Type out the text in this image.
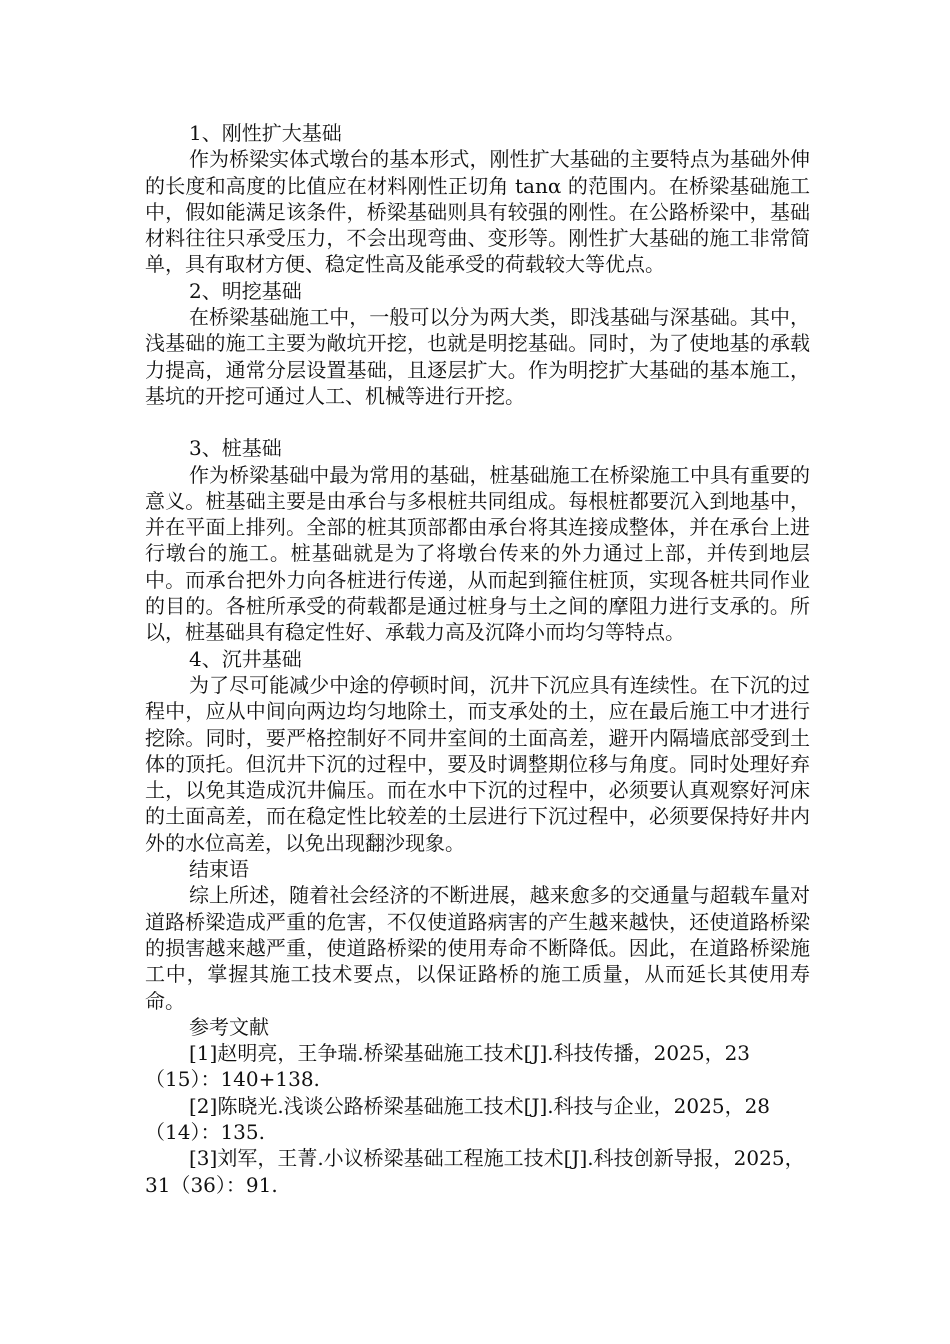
1、刚性扩大基础

作为桥梁实体式墩台的基本形式，刚性扩大基础的主要特点为基础外伸的长度和高度的比值应在材料刚性正切角 tanα 的范围内。在桥梁基础施工中，假如能满足该条件，桥梁基础则具有较强的刚性。在公路桥梁中，基础材料往往只承受压力，不会出现弯曲、变形等。刚性扩大基础的施工非常简单，具有取材方便、稳定性高及能承受的荷载较大等优点。

2、明挖基础

在桥梁基础施工中，一般可以分为两大类，即浅基础与深基础。其中，浅基础的施工主要为敞坑开挖，也就是明挖基础。同时，为了使地基的承载力提高，通常分层设置基础，且逐层扩大。作为明挖扩大基础的基本施工，基坑的开挖可通过人工、机械等进行开挖。

3、桩基础

作为桥梁基础中最为常用的基础，桩基础施工在桥梁施工中具有重要的意义。桩基础主要是由承台与多根桩共同组成。每根桩都要沉入到地基中，并在平面上排列。全部的桩其顶部都由承台将其连接成整体，并在承台上进行墩台的施工。桩基础就是为了将墩台传来的外力通过上部，并传到地层中。而承台把外力向各桩进行传递，从而起到箍住桩顶，实现各桩共同作业的目的。各桩所承受的荷载都是通过桩身与土之间的摩阻力进行支承的。所以，桩基础具有稳定性好、承载力高及沉降小而均匀等特点。

4、沉井基础

为了尽可能减少中途的停顿时间，沉井下沉应具有连续性。在下沉的过程中，应从中间向两边均匀地除土，而支承处的土，应在最后施工中才进行挖除。同时，要严格控制好不同井室间的土面高差，避开内隔墙底部受到土体的顶托。但沉井下沉的过程中，要及时调整期位移与角度。同时处理好弃土，以免其造成沉井偏压。而在水中下沉的过程中，必须要认真观察好河床的土面高差，而在稳定性比较差的土层进行下沉过程中，必须要保持好井内外的水位高差，以免出现翻沙现象。

结束语

综上所述，随着社会经济的不断进展，越来愈多的交通量与超载车量对道路桥梁造成严重的危害，不仅使道路病害的产生越来越快，还使道路桥梁的损害越来越严重，使道路桥梁的使用寿命不断降低。因此，在道路桥梁施工中，掌握其施工技术要点，以保证路桥的施工质量，从而延长其使用寿命。

参考文献

[1]赵明亮，王争瑞.桥梁基础施工技术[J].科技传播，2025，23（15）：140+138.

[2]陈晓光.浅谈公路桥梁基础施工技术[J].科技与企业，2025，28（14）：135.

[3]刘军，王菁.小议桥梁基础工程施工技术[J].科技创新导报，2025，31（36）：91.
